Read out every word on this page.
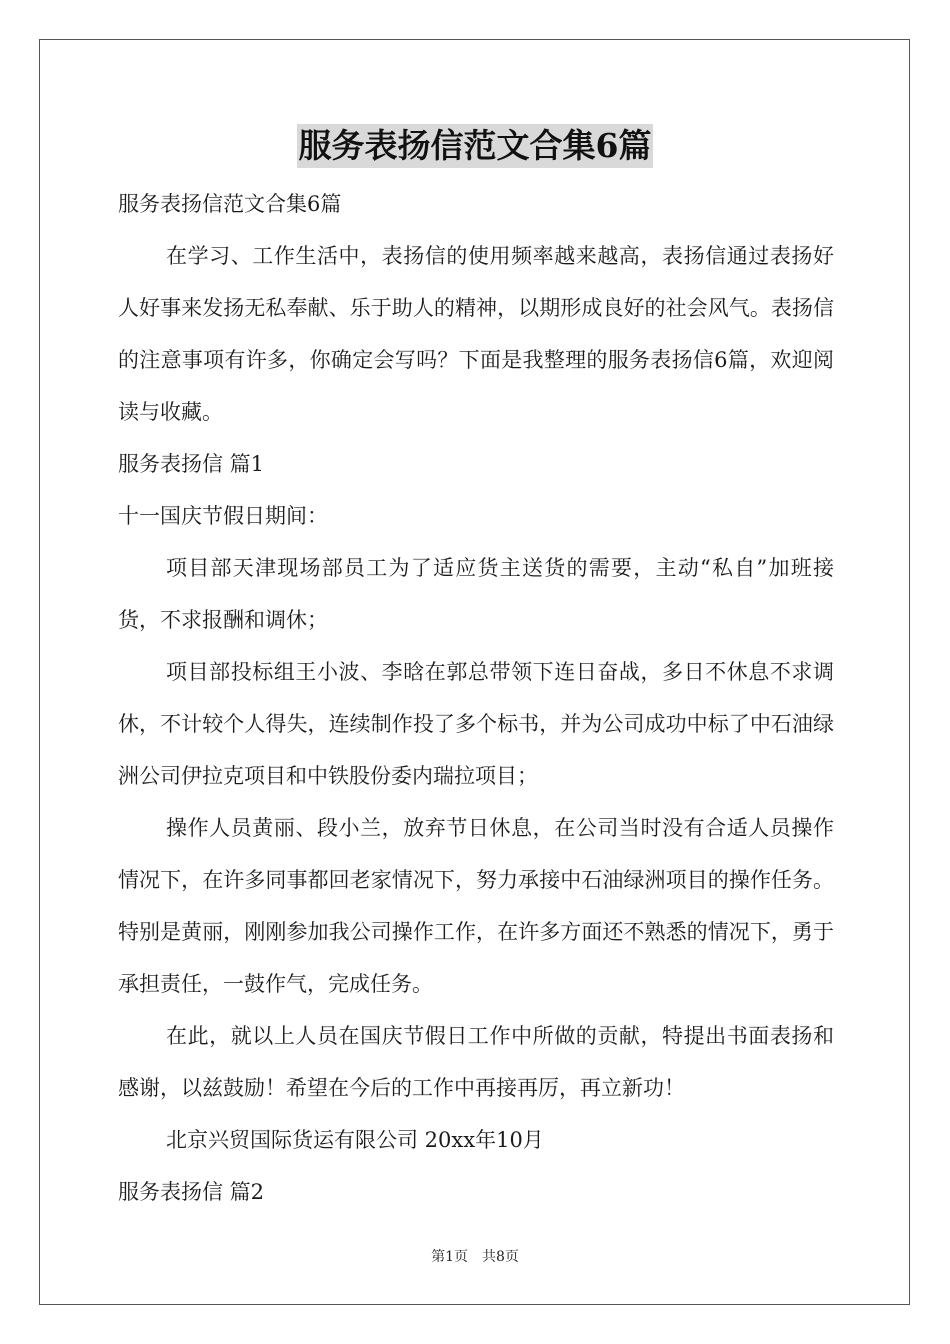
服务表扬信范文合集6篇

服务表扬信范文合集6篇

在学习、工作生活中，表扬信的使用频率越来越高，表扬信通过表扬好人好事来发扬无私奉献、乐于助人的精神，以期形成良好的社会风气。表扬信的注意事项有许多，你确定会写吗？下面是我整理的服务表扬信6篇，欢迎阅读与收藏。

服务表扬信 篇1

十一国庆节假日期间：

项目部天津现场部员工为了适应货主送货的需要，主动“私自”加班接货，不求报酬和调休；

项目部投标组王小波、李晗在郭总带领下连日奋战，多日不休息不求调休，不计较个人得失，连续制作投了多个标书，并为公司成功中标了中石油绿洲公司伊拉克项目和中铁股份委内瑞拉项目；

操作人员黄丽、段小兰，放弃节日休息，在公司当时没有合适人员操作情况下，在许多同事都回老家情况下，努力承接中石油绿洲项目的操作任务。特别是黄丽，刚刚参加我公司操作工作，在许多方面还不熟悉的情况下，勇于承担责任，一鼓作气，完成任务。

在此，就以上人员在国庆节假日工作中所做的贡献，特提出书面表扬和感谢，以兹鼓励！希望在今后的工作中再接再厉，再立新功！

北京兴贸国际货运有限公司 20xx年10月

服务表扬信 篇2

第1页 共8页
